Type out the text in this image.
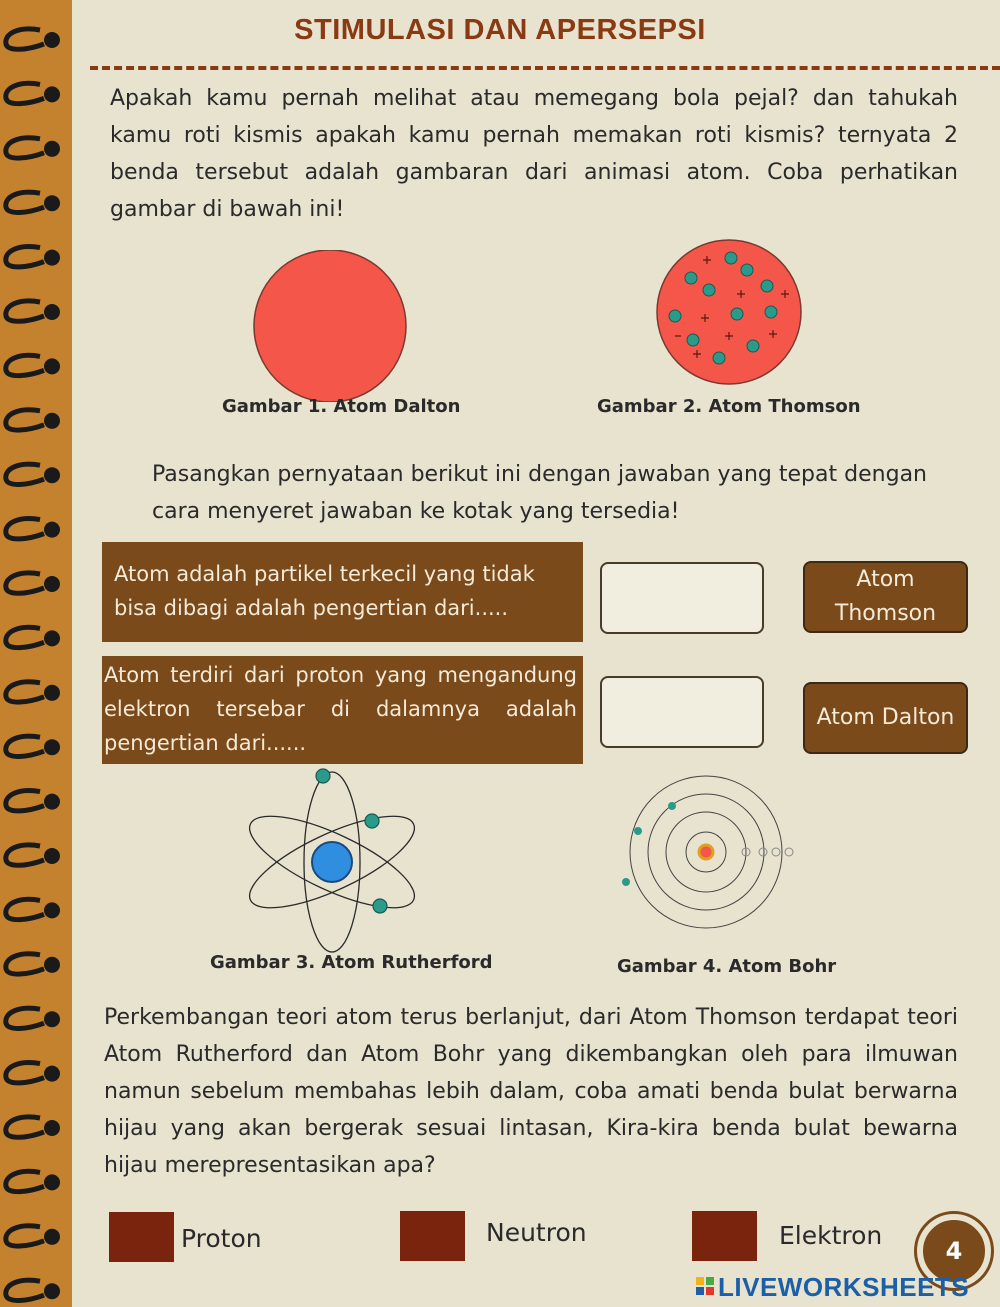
STIMULASI DAN APERSEPSI
Apakah kamu pernah melihat atau memegang bola pejal? dan tahukah kamu roti kismis apakah kamu pernah memakan roti kismis? ternyata 2 benda tersebut adalah gambaran dari animasi atom. Coba perhatikan gambar di bawah ini!
Gambar 1. Atom Dalton	Gambar 2. Atom Thomson
Pasangkan pernyataan berikut ini dengan jawaban yang tepat dengan cara menyeret jawaban ke kotak yang tersedia!
Atom adalah partikel terkecil yang tidak bisa dibagi adalah pengertian dari.....
Atom Thomson
Atom terdiri dari proton yang mengandung elektron tersebar di dalamnya adalah pengertian dari......
Atom Dalton
Gambar 3. Atom Rutherford	Gambar 4. Atom Bohr
Perkembangan teori atom terus berlanjut, dari Atom Thomson terdapat teori Atom Rutherford dan Atom Bohr yang dikembangkan oleh para ilmuwan namun sebelum membahas lebih dalam, coba amati benda bulat berwarna hijau yang akan bergerak sesuai lintasan, Kira-kira benda bulat bewarna hijau merepresentasikan apa?
Proton	Neutron	Elektron
4
LIVEWORKSHEETS
